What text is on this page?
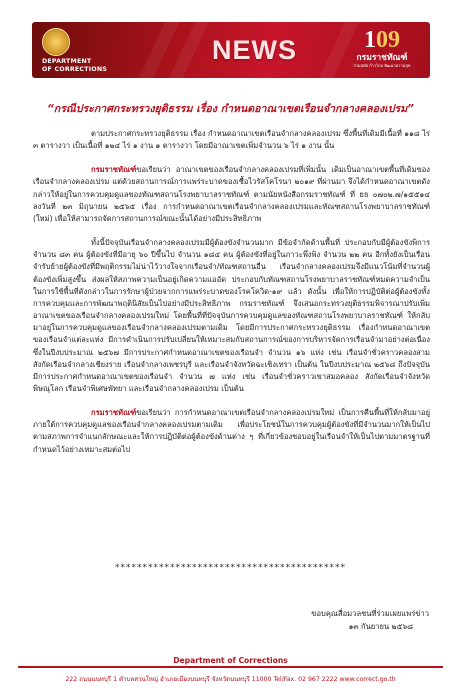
DEPARTMENT
OF CORRECTIONS
NEWS	109
กรมราชทัณฑ์
ร่วมสมัย ก้าวไกล พัฒนาความสุข
“กรณีประกาศกระทรวงยุติธรรม เรื่อง กำหนดอาณาเขตเรือนจำกลางคลองเปรม”

ตามประกาศกระทรวงยุติธรรม เรื่อง กำหนดอาณาเขตเรือนจำกลางคลองเปรม ซึ่งพื้นที่เดิมมีเนื้อที่ ๑๑๘ ไร่ ๓ ตารางวา เป็นเนื้อที่ ๑๒๔ ไร่ ๑ งาน ๑ ตารางวา โดยมีอาณาเขตเพิ่มจำนวน ๖ ไร่ ๑ งาน นั้น

กรมราชทัณฑ์ขอเรียนว่า อาณาเขตของเรือนจำกลางคลองเปรมที่เพิ่มนั้น เดิมเป็นอาณาเขตพื้นที่เดิมของเรือนจำกลางคลองเปรม แต่ด้วยสถานการณ์การแพร่ระบาดของเชื้อไวรัสโคโรนา ๒๐๑๙ ที่ผ่านมา จึงได้กำหนดอาณาเขตดังกล่าวให้อยู่ในการควบคุมดูแลของทัณฑสถานโรงพยาบาลราชทัณฑ์ ตามนัยหนังสือกรมราชทัณฑ์ ที่ ยธ ๐๗๐๒.๗/๑๕๕๑๔ ลงวันที่ ๒๓ มิถุนายน ๒๕๖๕ เรื่อง การกำหนดอาณาเขตเรือนจำกลางคลองเปรมและทัณฑสถานโรงพยาบาลราชทัณฑ์ (ใหม่) เพื่อให้สามารถจัดการสถานการณ์ขณะนั้นได้อย่างมีประสิทธิภาพ

ทั้งนี้ปัจจุบันเรือนจำกลางคลองเปรมมีผู้ต้องขังจำนวนมาก มีข้อจำกัดด้านพื้นที่ ประกอบกับมีผู้ต้องขังพิการ จำนวน ๘๓ คน ผู้ต้องขังที่มีอายุ ๖๐ ปีขึ้นไป จำนวน ๑๘๔ คน ผู้ต้องขังที่อยู่ในภาวะพึ่งพิง จำนวน ๒๒ คน อีกทั้งยังเป็นเรือนจำรับย้ายผู้ต้องขังที่มีพฤติกรรมไม่น่าไว้วางใจจากเรือนจำ/ทัณฑสถานอื่น เรือนจำกลางคลองเปรมจึงมีแนวโน้มที่จำนวนผู้ต้องขังเพิ่มสูงขึ้น ส่งผลให้สภาพความเป็นอยู่เกิดความแออัด ประกอบกับทัณฑสถานโรงพยาบาลราชทัณฑ์หมดความจำเป็นในการใช้พื้นที่ดังกล่าวในการรักษาผู้ป่วยจากการแพร่ระบาดของโรคโควิด-๑๙ แล้ว ดังนั้น เพื่อให้การปฏิบัติต่อผู้ต้องขังทั้งการควบคุมและการพัฒนาพฤตินิสัยเป็นไปอย่างมีประสิทธิภาพ กรมราชทัณฑ์ จึงเสนอกระทรวงยุติธรรมพิจารณาปรับเพิ่มอาณาเขตของเรือนจำกลางคลองเปรมใหม่ โดยพื้นที่ที่ปัจจุบันการควบคุมดูแลของทัณฑสถานโรงพยาบาลราชทัณฑ์ ให้กลับมาอยู่ในการควบคุมดูแลของเรือนจำกลางคลองเปรมตามเดิม โดยมีการประกาศกระทรวงยุติธรรม เรื่องกำหนดอาณาเขตของเรือนจำแต่ละแห่ง มีการดำเนินการปรับเปลี่ยนให้เหมาะสมกับสถานการณ์ของการบริหารจัดการเรือนจำมาอย่างต่อเนื่อง ซึ่งในปีงบประมาณ ๒๕๖๗ มีการประกาศกำหนดอาณาเขตของเรือนจำ จำนวน ๑๖ แห่ง เช่น เรือนจำชั่วคราวคลองสาม สังกัดเรือนจำกลางเชียงราย เรือนจำกลางเพชรบุรี และเรือนจำจังหวัดฉะเชิงเทรา เป็นต้น ในปีงบประมาณ ๒๕๖๘ ถึงปัจจุบัน มีการประกาศกำหนดอาณาเขตของเรือนจำ จำนวน ๗ แห่ง เช่น เรือนจำชั่วคราวเขาสมอคลอง สังกัดเรือนจำจังหวัดพิษณุโลก เรือนจำพิเศษพัทยา และเรือนจำกลางคลองเปรม เป็นต้น

กรมราชทัณฑ์ขอเรียนว่า การกำหนดอาณาเขตเรือนจำกลางคลองเปรมใหม่ เป็นการคืนพื้นที่ให้กลับมาอยู่ภายใต้การควบคุมดูแลของเรือนจำกลางคลองเปรมตามเดิม เพื่อประโยชน์ในการควบคุมผู้ต้องขังที่มีจำนวนมากให้เป็นไปตามสภาพการจำแนกลักษณะและให้การปฏิบัติต่อผู้ต้องขังด้านต่าง ๆ ที่เกี่ยวข้องชอบอยู่ในเรือนจำให้เป็นไปตามมาตรฐานที่กำหนดไว้อย่างเหมาะสมต่อไป

******************************************
ขอบคุณสื่อมวลชนที่ร่วมเผยแพร่ข่าว
๑๓ กันยายน ๒๕๖๘
Department of Corrections
222 ถนนนนทบุรี 1 ตำบลสวนใหญ่ อำเภอเมืองนนทบุรี จังหวัดนนทบุรี 11000 Tel/Fax. 02 967 2222 www.correct.go.th
